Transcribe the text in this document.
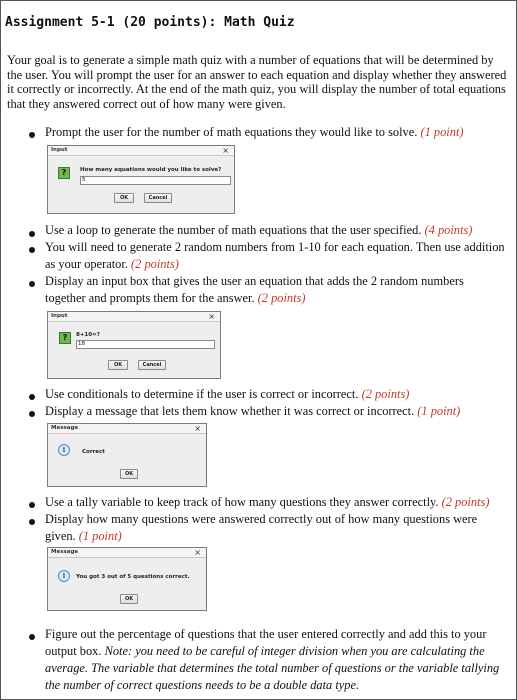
Assignment 5-1 (20 points): Math Quiz
Your goal is to generate a simple math quiz with a number of equations that will be determined by the user. You will prompt the user for an answer to each equation and display whether they answered it correctly or incorrectly. At the end of the math quiz, you will display the number of total equations that they answered correct out of how many were given.
Prompt the user for the number of math equations they would like to solve. (1 point)
Input	×
?	How many equations would you like to solve?
5
OK	Cancel
Use a loop to generate the number of math equations that the user specified. (4 points)
You will need to generate 2 random numbers from 1-10 for each equation. Then use addition as your operator. (2 points)
Display an input box that gives the user an equation that adds the 2 random numbers together and prompts them for the answer. (2 points)
Input	×
?	8+10=?
18
OK	Cancel
Use conditionals to determine if the user is correct or incorrect. (2 points)
Display a message that lets them know whether it was correct or incorrect. (1 point)
Message	×
i	Correct
OK
Use a tally variable to keep track of how many questions they answer correctly. (2 points)
Display how many questions were answered correctly out of how many questions were given. (1 point)
Message	×
i	You got 3 out of 5 questions correct.
OK
Figure out the percentage of questions that the user entered correctly and add this to your output box. Note: you need to be careful of integer division when you are calculating the average. The variable that determines the total number of questions or the variable tallying the number of correct questions needs to be a double data type.
